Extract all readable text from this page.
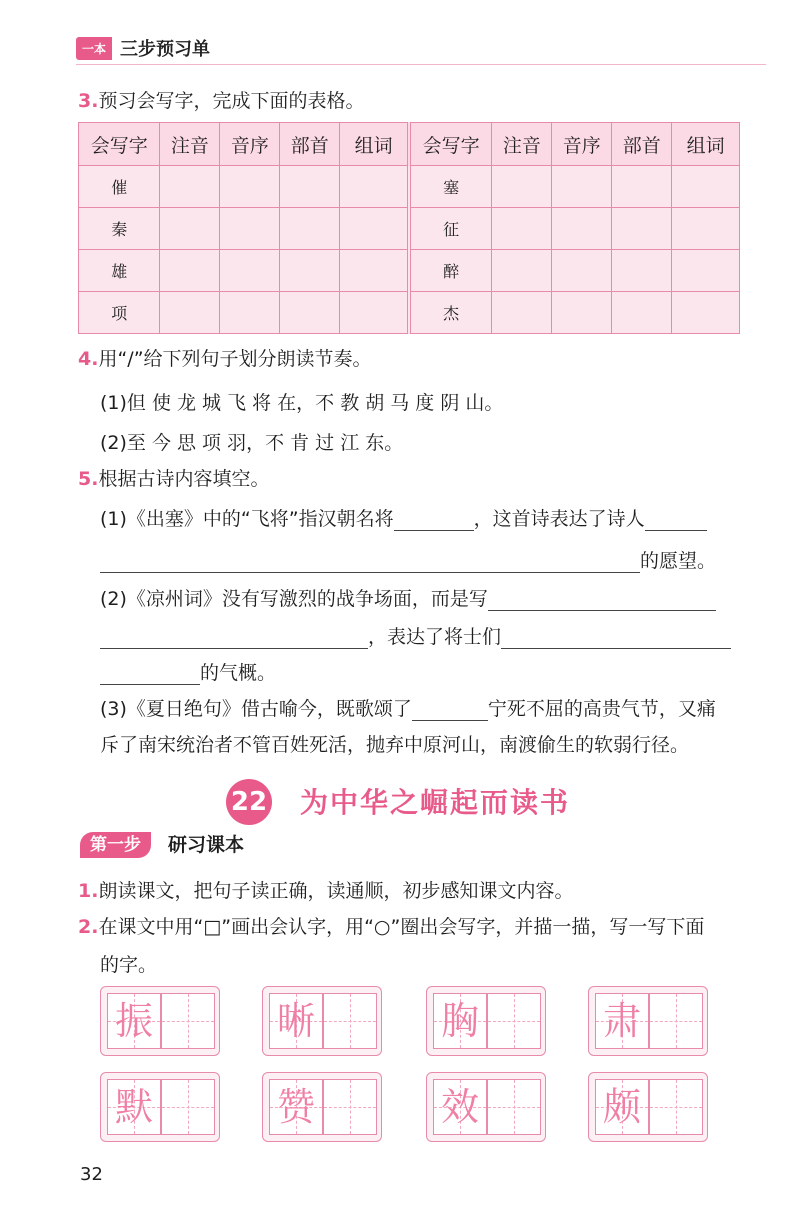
一本 三步预习单
3.预习会写字，完成下面的表格。
会写字	注音	音序	部首	组词	会写字	注音	音序	部首	组词
催					塞				
秦					征				
雄					醉				
项					杰				
4.用“/”给下列句子划分朗读节奏。
(1)但 使 龙 城 飞 将 在，不 教 胡 马 度 阴 山。
(2)至 今 思 项 羽，不 肯 过 江 东。
5.根据古诗内容填空。
(1)《出塞》中的“飞将”指汉朝名将	，这首诗表达了诗人
的愿望。
(2)《凉州词》没有写激烈的战争场面，而是写
，表达了将士们
的气概。
(3)《夏日绝句》借古喻今，既歌颂了	宁死不屈的高贵气节，又痛
斥了南宋统治者不管百姓死活，抛弃中原河山，南渡偷生的软弱行径。
22 为中华之崛起而读书
第一步	研习课本
1.朗读课文，把句子读正确，读通顺，初步感知课文内容。
2.在课文中用“□”画出会认字，用“○”圈出会写字，并描一描，写一写下面
的字。
振	晰	胸	肃
默	赞	效	颇
32
